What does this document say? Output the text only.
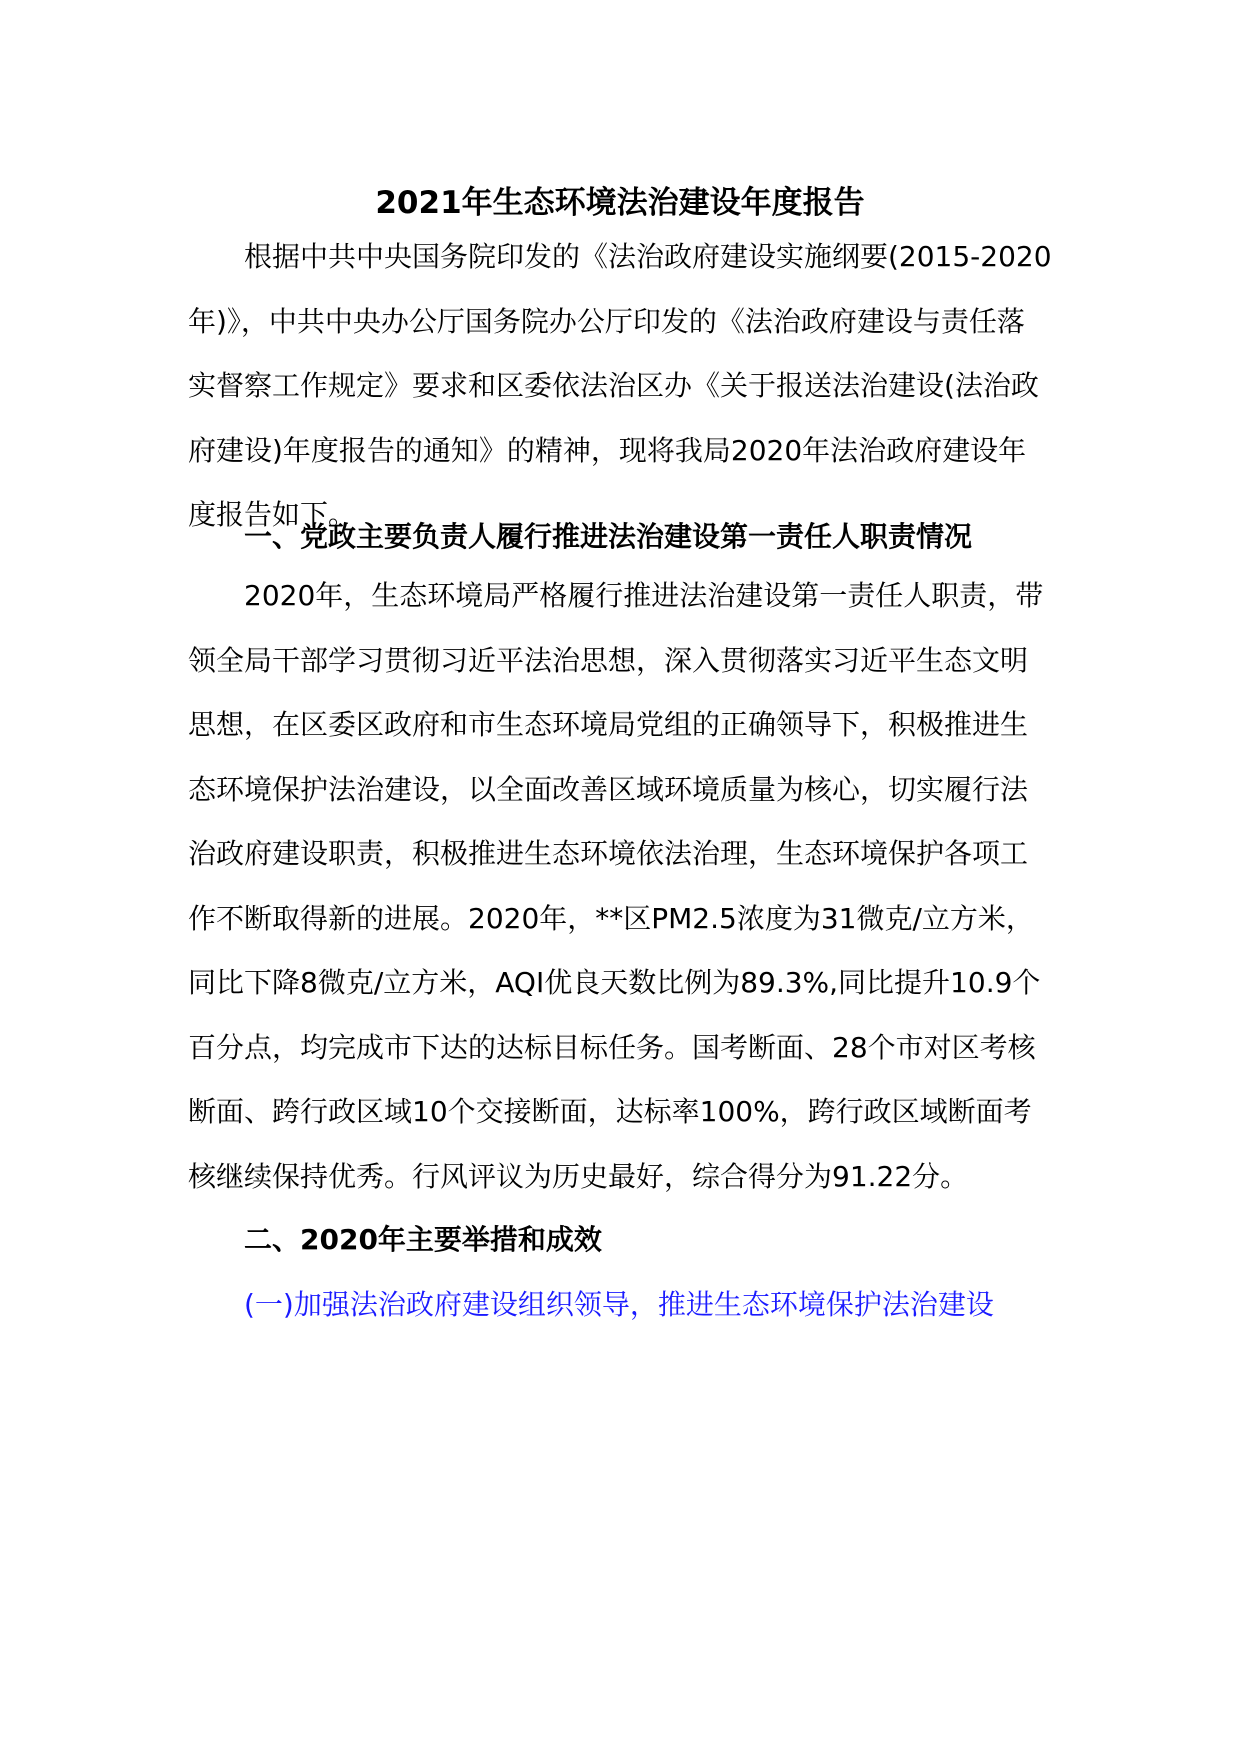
2021年生态环境法治建设年度报告

根据中共中央国务院印发的《法治政府建设实施纲要(2015-2020年)》，中共中央办公厅国务院办公厅印发的《法治政府建设与责任落实督察工作规定》要求和区委依法治区办《关于报送法治建设(法治政府建设)年度报告的通知》的精神，现将我局2020年法治政府建设年度报告如下。

一、党政主要负责人履行推进法治建设第一责任人职责情况

2020年，生态环境局严格履行推进法治建设第一责任人职责，带领全局干部学习贯彻习近平法治思想，深入贯彻落实习近平生态文明思想，在区委区政府和市生态环境局党组的正确领导下，积极推进生态环境保护法治建设，以全面改善区域环境质量为核心，切实履行法治政府建设职责，积极推进生态环境依法治理，生态环境保护各项工作不断取得新的进展。2020年，**区PM2.5浓度为31微克/立方米，同比下降8微克/立方米，AQI优良天数比例为89.3%,同比提升10.9个百分点，均完成市下达的达标目标任务。国考断面、28个市对区考核断面、跨行政区域10个交接断面，达标率100%，跨行政区域断面考核继续保持优秀。行风评议为历史最好，综合得分为91.22分。

二、2020年主要举措和成效
(一)加强法治政府建设组织领导，推进生态环境保护法治建设
